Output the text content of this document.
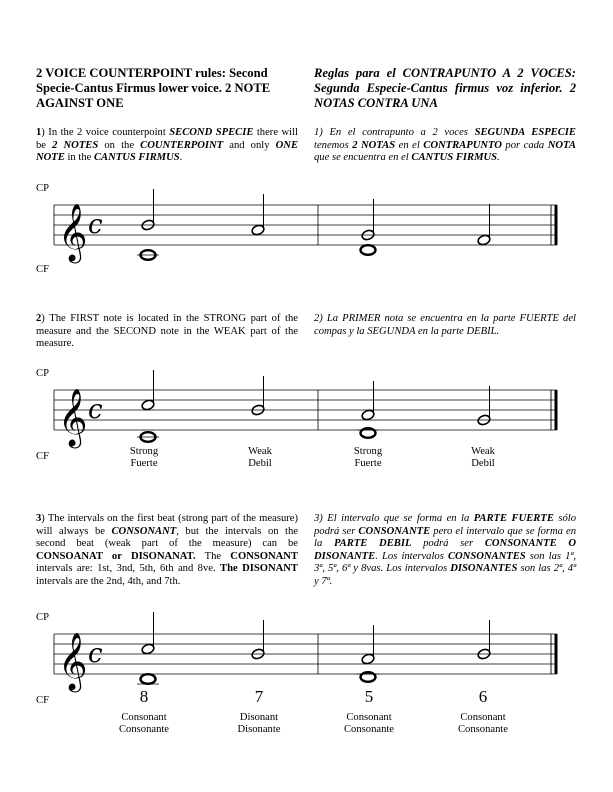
2 VOICE COUNTERPOINT rules: Second Specie-Cantus Firmus lower voice. 2 NOTE AGAINST ONE
Reglas para el CONTRAPUNTO A 2 VOCES: Segunda Especie-Cantus firmus voz inferior. 2 NOTAS CONTRA UNA
1) In the 2 voice counterpoint SECOND SPECIE there will be 2 NOTES on the COUNTERPOINT and only ONE NOTE in the CANTUS FIRMUS.
1) En el contrapunto a 2 voces SEGUNDA ESPECIE tenemos 2 NOTAS en el CONTRAPUNTO por cada NOTA que se encuentra en el CANTUS FIRMUS.
CP
CF
𝄞 c
2) The FIRST note is located in the STRONG part of the measure and the SECOND note in the WEAK part of the measure.
2) La PRIMER nota se encuentra en la parte FUERTE del compas y la SEGUNDA en la parte DEBIL.
CP
CF
𝄞 c
Strong
Fuerte
Weak
Debil
Strong
Fuerte
Weak
Debil
3) The intervals on the first beat (strong part of the measure) will always be CONSONANT, but the intervals on the second beat (weak part of the measure) can be CONSOANAT or DISONANAT. The CONSONANT intervals are: 1st, 3nd, 5th, 6th and 8ve. The DISONANT intervals are the 2nd, 4th, and 7th.
3) El intervalo que se forma en la PARTE FUERTE sólo podrá ser CONSONANTE pero el intervalo que se forma en la PARTE DEBIL podrá ser CONSONANTE O DISONANTE. Los intervalos CONSONANTES son las 1ª, 3ª, 5ª, 6ª y 8vas. Los intervalos DISONANTES son las 2ª, 4ª y 7ª.
CP
CF
𝄞 c
8	7	5	6
Consonant
Consonante
Disonant
Disonante
Consonant
Consonante
Consonant
Consonante
